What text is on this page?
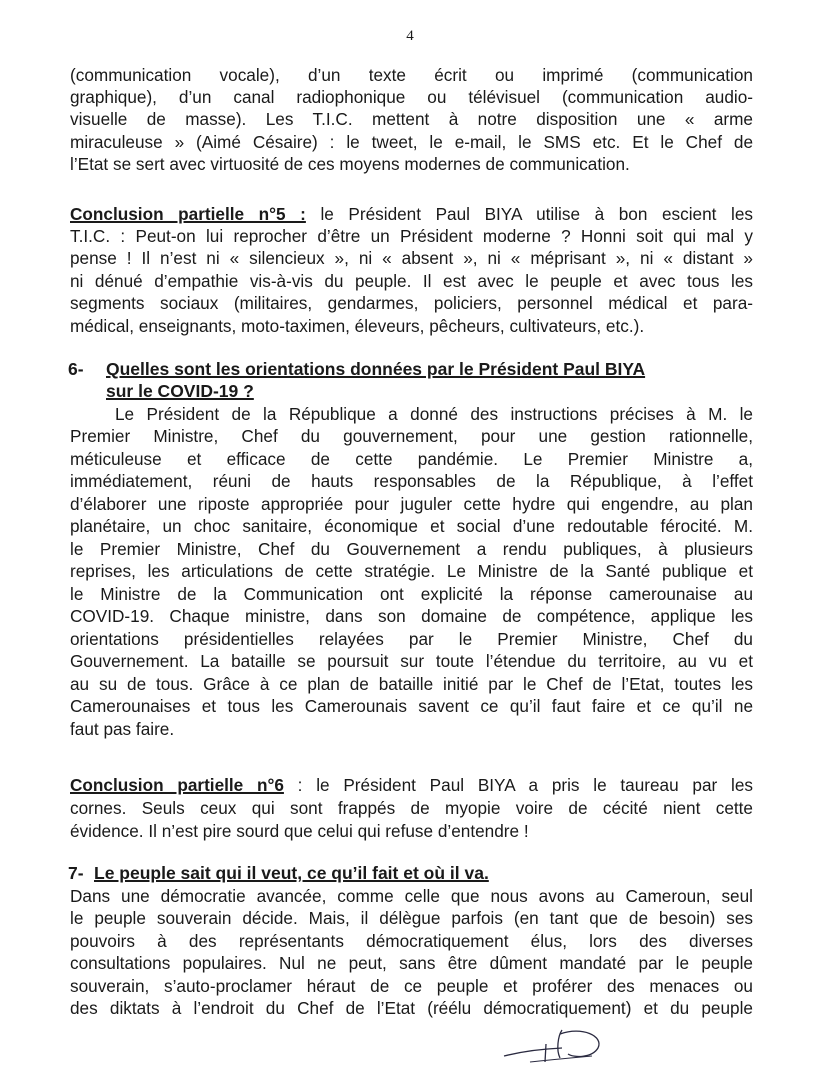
4
(communication vocale), d’un texte écrit ou imprimé (communication
graphique), d’un canal radiophonique ou télévisuel (communication audio-
visuelle de masse). Les T.I.C. mettent à notre disposition une « arme
miraculeuse » (Aimé Césaire) : le tweet, le e-mail, le SMS etc. Et le Chef de
l’Etat se sert avec virtuosité de ces moyens modernes de communication.
Conclusion partielle n°5 : le Président Paul BIYA utilise à bon escient les
T.I.C. : Peut-on lui reprocher d’être un Président moderne ? Honni soit qui mal y
pense ! Il n’est ni « silencieux », ni « absent », ni « méprisant », ni « distant »
ni dénué d’empathie vis-à-vis du peuple. Il est avec le peuple et avec tous les
segments sociaux (militaires, gendarmes, policiers, personnel médical et para-
médical, enseignants, moto-taximen, éleveurs, pêcheurs, cultivateurs, etc.).
6- Quelles sont les orientations données par le Président Paul BIYA
sur le COVID-19 ?
Le Président de la République a donné des instructions précises à M. le
Premier Ministre, Chef du gouvernement, pour une gestion rationnelle,
méticuleuse et efficace de cette pandémie. Le Premier Ministre a,
immédiatement, réuni de hauts responsables de la République, à l’effet
d’élaborer une riposte appropriée pour juguler cette hydre qui engendre, au plan
planétaire, un choc sanitaire, économique et social d’une redoutable férocité. M.
le Premier Ministre, Chef du Gouvernement a rendu publiques, à plusieurs
reprises, les articulations de cette stratégie. Le Ministre de la Santé publique et
le Ministre de la Communication ont explicité la réponse camerounaise au
COVID-19. Chaque ministre, dans son domaine de compétence, applique les
orientations présidentielles relayées par le Premier Ministre, Chef du
Gouvernement. La bataille se poursuit sur toute l’étendue du territoire, au vu et
au su de tous. Grâce à ce plan de bataille initié par le Chef de l’Etat, toutes les
Camerounaises et tous les Camerounais savent ce qu’il faut faire et ce qu’il ne
faut pas faire.
Conclusion partielle n°6 : le Président Paul BIYA a pris le taureau par les
cornes. Seuls ceux qui sont frappés de myopie voire de cécité nient cette
évidence. Il n’est pire sourd que celui qui refuse d’entendre !
7- Le peuple sait qui il veut, ce qu’il fait et où il va.
Dans une démocratie avancée, comme celle que nous avons au Cameroun, seul
le peuple souverain décide. Mais, il délègue parfois (en tant que de besoin) ses
pouvoirs à des représentants démocratiquement élus, lors des diverses
consultations populaires. Nul ne peut, sans être dûment mandaté par le peuple
souverain, s’auto-proclamer héraut de ce peuple et proférer des menaces ou
des diktats à l’endroit du Chef de l’Etat (réélu démocratiquement) et du peuple
